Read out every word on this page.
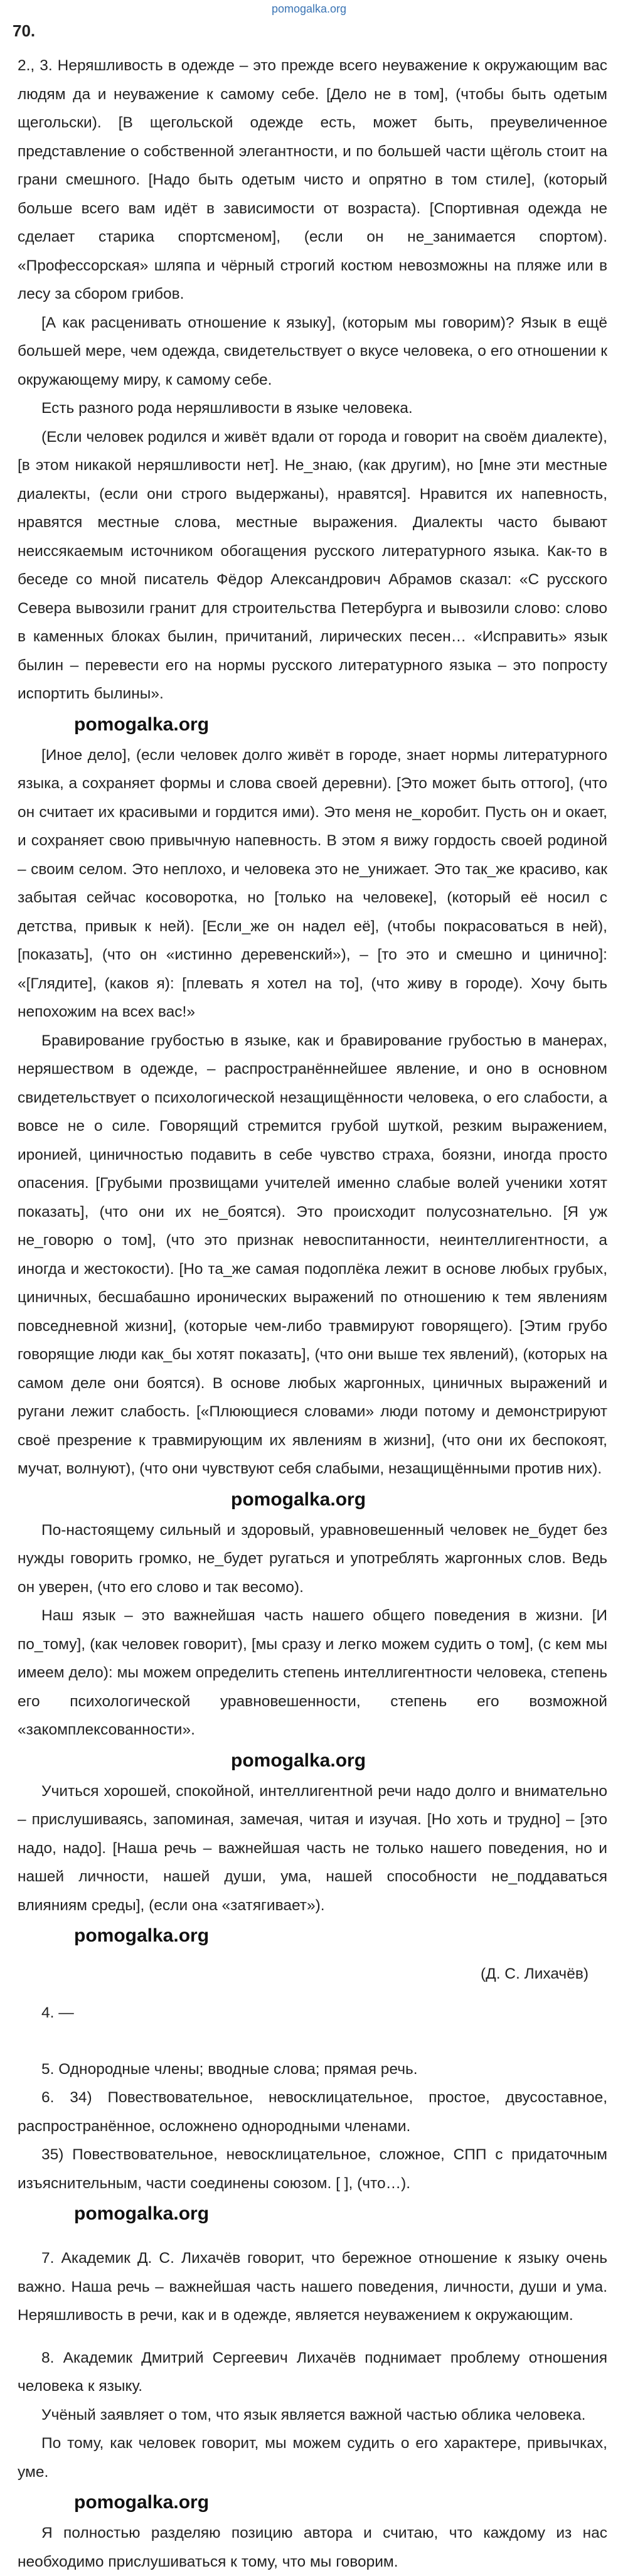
pomogalka.org
70.

2., 3. Неряшливость в одежде – это прежде всего неуважение к окружающим вас людям да и неуважение к самому себе. [Дело не в том], (чтобы быть одетым щегольски). [В щегольской одежде есть, может быть, преувеличенное представление о собственной элегантности, и по большей части щёголь стоит на грани смешного. [Надо быть одетым чисто и опрятно в том стиле], (который больше всего вам идёт в зависимости от возраста). [Спортивная одежда не сделает старика спортсменом], (если он не_занимается спортом). «Профессорская» шляпа и чёрный строгий костюм невозможны на пляже или в лесу за сбором грибов.

[А как расценивать отношение к языку], (которым мы говорим)? Язык в ещё большей мере, чем одежда, свидетельствует о вкусе человека, о его отношении к окружающему миру, к самому себе.

Есть разного рода неряшливости в языке человека.

(Если человек родился и живёт вдали от города и говорит на своём диалекте), [в этом никакой неряшливости нет]. Не_знаю, (как другим), но [мне эти местные диалекты, (если они строго выдержаны), нравятся]. Нравится их напевность, нравятся местные слова, местные выражения. Диалекты часто бывают неиссякаемым источником обогащения русского литературного языка. Как-то в беседе со мной писатель Фёдор Александрович Абрамов сказал: «С русского Севера вывозили гранит для строительства Петербурга и вывозили слово: слово в каменных блоках былин, причитаний, лирических песен… «Исправить» язык былин – перевести его на нормы русского литературного языка – это попросту испортить былины».

pomogalka.org

[Иное дело], (если человек долго живёт в городе, знает нормы литературного языка, а сохраняет формы и слова своей деревни). [Это может быть оттого], (что он считает их красивыми и гордится ими). Это меня не_коробит. Пусть он и окает, и сохраняет свою привычную напевность. В этом я вижу гордость своей родиной – своим селом. Это неплохо, и человека это не_унижает. Это так_же красиво, как забытая сейчас косоворотка, но [только на человеке], (который её носил с детства, привык к ней). [Если_же он надел её], (чтобы покрасоваться в ней), [показать], (что он «истинно деревенский»), – [то это и смешно и цинично]: «[Глядите], (каков я): [плевать я хотел на то], (что живу в городе). Хочу быть непохожим на всех вас!»

Бравирование грубостью в языке, как и бравирование грубостью в манерах, неряшеством в одежде, – распространённейшее явление, и оно в основном свидетельствует о психологической незащищённости человека, о его слабости, а вовсе не о силе. Говорящий стремится грубой шуткой, резким выражением, иронией, циничностью подавить в себе чувство страха, боязни, иногда просто опасения. [Грубыми прозвищами учителей именно слабые волей ученики хотят показать], (что они их не_боятся). Это происходит полусознательно. [Я уж не_говорю о том], (что это признак невоспитанности, неинтеллигентности, а иногда и жестокости). [Но та_же самая подоплёка лежит в основе любых грубых, циничных, бесшабашно иронических выражений по отношению к тем явлениям повседневной жизни], (которые чем-либо травмируют говорящего). [Этим грубо говорящие люди как_бы хотят показать], (что они выше тех явлений), (которых на самом деле они боятся). В основе любых жаргонных, циничных выражений и ругани лежит слабость. [«Плюющиеся словами» люди потому и демонстрируют своё презрение к травмирующим их явлениям в жизни], (что они их беспокоят, мучат, волнуют), (что они чувствуют себя слабыми, незащищёнными против них).

pomogalka.org

По-настоящему сильный и здоровый, уравновешенный человек не_будет без нужды говорить громко, не_будет ругаться и употреблять жаргонных слов. Ведь он уверен, (что его слово и так весомо).

Наш язык – это важнейшая часть нашего общего поведения в жизни. [И по_тому], (как человек говорит), [мы сразу и легко можем судить о том], (с кем мы имеем дело): мы можем определить степень интеллигентности человека, степень его психологической уравновешенности, степень его возможной «закомплексованности».

pomogalka.org

Учиться хорошей, спокойной, интеллигентной речи надо долго и внимательно – прислушиваясь, запоминая, замечая, читая и изучая. [Но хоть и трудно] – [это надо, надо]. [Наша речь – важнейшая часть не только нашего поведения, но и нашей личности, нашей души, ума, нашей способности не_поддаваться влияниям среды], (если она «затягивает»).

pomogalka.org
(Д. С. Лихачёв)

4. —

5. Однородные члены; вводные слова; прямая речь.

6. 34) Повествовательное, невосклицательное, простое, двусоставное, распространённое, осложнено однородными членами.

35) Повествовательное, невосклицательное, сложное, СПП с придаточным изъяснительным, части соединены союзом. [ ], (что…).

pomogalka.org

7. Академик Д. С. Лихачёв говорит, что бережное отношение к языку очень важно. Наша речь – важнейшая часть нашего поведения, личности, души и ума. Неряшливость в речи, как и в одежде, является неуважением к окружающим.

8. Академик Дмитрий Сергеевич Лихачёв поднимает проблему отношения человека к языку.

Учёный заявляет о том, что язык является важной частью облика человека.

По тому, как человек говорит, мы можем судить о его характере, привычках, уме.

pomogalka.org

Я полностью разделяю позицию автора и считаю, что каждому из нас необходимо прислушиваться к тому, что мы говорим.
